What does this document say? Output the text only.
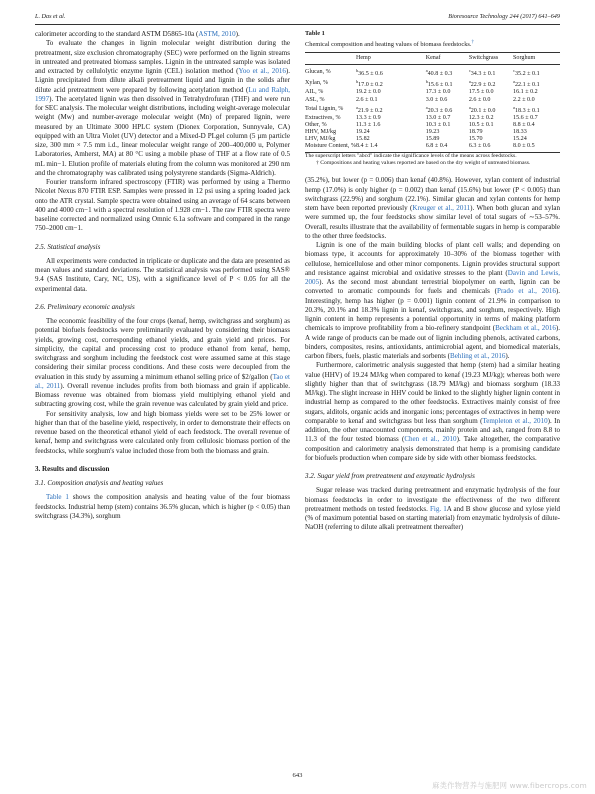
L. Das et al.	Bioresource Technology 244 (2017) 641–649

calorimeter according to the standard ASTM D5865-10a (ASTM, 2010).

To evaluate the changes in lignin molecular weight distribution during the pretreatment, size exclusion chromatography (SEC) were performed on the lignin streams in untreated and pretreated biomass samples. Lignin in the untreated sample was isolated and extracted by cellulolytic enzyme lignin (CEL) isolation method (Yoo et al., 2016). Lignin precipitated from dilute alkali pretreatment liquid and lignin in the solids after dilute acid pretreatment were prepared by following acetylation method (Lu and Ralph, 1997). The acetylated lignin was then dissolved in Tetrahydrofuran (THF) and were run for SEC analysis. The molecular weight distributions, including weight-average molecular weight (Mw) and number-average molecular weight (Mn) of prepared lignin, were measured by an Ultimate 3000 HPLC system (Dionex Corporation, Sunnyvale, CA) equipped with an Ultra Violet (UV) detector and a Mixed-D PLgel column (5 µm particle size, 300 mm × 7.5 mm i.d., linear molecular weight range of 200–400,000 u, Polymer Laboratories, Amherst, MA) at 80 °C using a mobile phase of THF at a flow rate of 0.5 mL min−1. Elution profile of materials eluting from the column was monitored at 290 nm and the chromatography was calibrated using polystyrene standards (Sigma-Aldrich).

Fourier transform infrared spectroscopy (FTIR) was performed by using a Thermo Nicolet Nexus 870 FTIR ESP. Samples were pressed in 12 psi using a spring loaded jack onto the ATR crystal. Sample spectra were obtained using an average of 64 scans between 400 and 4000 cm−1 with a spectral resolution of 1.928 cm−1. The raw FTIR spectra were baseline corrected and normalized using Omnic 6.1a software and compared in the range 750–2000 cm−1.

2.5. Statistical analysis

All experiments were conducted in triplicate or duplicate and the data are presented as mean values and standard deviations. The statistical analysis was performed using SAS® 9.4 (SAS Institute, Cary, NC, US), with a significance level of P < 0.05 for all the experimental data.

2.6. Preliminary economic analysis

The economic feasibility of the four crops (kenaf, hemp, switchgrass and sorghum) as potential biofuels feedstocks were preliminarily evaluated by considering their biomass yields, growing cost, corresponding ethanol yields, and grain yield and prices. For simplicity, the capital and processing cost to produce ethanol from kenaf, hemp, switchgrass and sorghum including the feedstock cost were assumed same at this stage considering their similar process conditions. And these costs were decoupled from the evaluation in this study by assuming a minimum ethanol selling price of $2/gallon (Tao et al., 2011). Overall revenue includes profits from both biomass and grain if applicable. Biomass revenue was obtained from biomass yield multiplying ethanol yield and subtracting growing cost, while the grain revenue was calculated by grain yield and price.

For sensitivity analysis, low and high biomass yields were set to be 25% lower or higher than that of the baseline yield, respectively, in order to demonstrate their effects on revenue based on the theoretical ethanol yield of each feedstock. The overall revenue of kenaf, hemp and switchgrass were calculated only from cellulosic biomass portion of the feedstocks, while sorghum's value included those from both the biomass and grain.

3. Results and discussion

3.1. Composition analysis and heating values

Table 1 shows the composition analysis and heating value of the four biomass feedstocks. Industrial hemp (stem) contains 36.5% glucan, which is higher (p < 0.05) than switchgrass (34.3%), sorghum

Table 1
Chemical composition and heating values of biomass feedstocks.†
	Hemp	Kenaf	Switchgrass	Sorghum
Glucan, %	$^b$36.5 ± 0.6	$^a$40.8 ± 0.3	$^c$34.3 ± 0.1	$^c$35.2 ± 0.1
Xylan, %	$^b$17.0 ± 0.2	$^b$15.6 ± 0.1	$^a$22.9 ± 0.2	$^a$22.1 ± 0.1
AIL, %	19.2 ± 0.0	17.3 ± 0.0	17.5 ± 0.0	16.1 ± 0.2
ASL, %	2.6 ± 0.1	3.0 ± 0.6	2.6 ± 0.0	2.2 ± 0.0
Total Lignin, %	$^a$21.9 ± 0.2	$^a$20.3 ± 0.6	$^a$20.1 ± 0.0	$^a$18.3 ± 0.1
Extractives, %	13.3 ± 0.9	13.0 ± 0.7	12.3 ± 0.2	15.6 ± 0.7
Other, %	11.3 ± 1.6	10.3 ± 0.1	10.5 ± 0.1	8.8 ± 0.4
HHV, MJ/kg	19.24	19.23	18.79	18.33
LHV, MJ/kg	15.82	15.89	15.70	15.24
Moisture Content, %	8.4 ± 1.4	6.8 ± 0.4	6.3 ± 0.6	8.0 ± 0.5

The superscript letters "abcd" indicate the significance levels of the means across feedstocks.

† Compositions and heating values reported are based on the dry weight of untreated biomass.

(35.2%), but lower (p = 0.006) than kenaf (40.8%). However, xylan content of industrial hemp (17.0%) is only higher (p = 0.002) than kenaf (15.6%) but lower (P < 0.005) than switchgrass (22.9%) and sorghum (22.1%). Similar glucan and xylan contents for hemp stem have been reported previously (Kreuger et al., 2011). When both glucan and xylan were summed up, the four feedstocks show similar level of total sugars of ∼53–57%. Overall, results illustrate that the availability of fermentable sugars in hemp is comparable to the other three feedstocks.

Lignin is one of the main building blocks of plant cell walls; and depending on biomass type, it accounts for approximately 10–30% of the biomass together with cellulose, hemicellulose and other minor components. Lignin provides structural support and resistance against microbial and oxidative stresses to the plant (Davin and Lewis, 2005). As the second most abundant terrestrial biopolymer on earth, lignin can be converted to aromatic compounds for fuels and chemicals (Prado et al., 2016). Interestingly, hemp has higher (p = 0.001) lignin content of 21.9% in comparison to 20.3%, 20.1% and 18.3% lignin in kenaf, switchgrass, and sorghum, respectively. High lignin content in hemp represents a potential opportunity in terms of making platform chemicals to improve profitability from a bio-refinery standpoint (Beckham et al., 2016). A wide range of products can be made out of lignin including phenols, activated carbons, binders, composites, resins, antioxidants, antimicrobial agent, and biomedical materials, carbon fibers, fuels, plastic materials and sorbents (Behling et al., 2016).

Furthermore, calorimetric analysis suggested that hemp (stem) had a similar heating value (HHV) of 19.24 MJ/kg when compared to kenaf (19.23 MJ/kg); whereas both were slightly higher than that of switchgrass (18.79 MJ/kg) and biomass sorghum (18.33 MJ/kg). The slight increase in HHV could be linked to the slightly higher lignin content in industrial hemp as compared to the other feedstocks. Extractives mainly consist of free sugars, alditols, organic acids and inorganic ions; percentages of extractives in hemp were comparable to kenaf and switchgrass but less than sorghum (Templeton et al., 2010). In addition, the other unaccounted components, mainly protein and ash, ranged from 8.8 to 11.3 of the four tested biomass (Chen et al., 2010). Take altogether, the comparative composition and calorimetry analysis demonstrated that hemp is a promising candidate for biofuels production when compare side by side with other biomass feedstocks.

3.2. Sugar yield from pretreatment and enzymatic hydrolysis

Sugar release was tracked during pretreatment and enzymatic hydrolysis of the four biomass feedstocks in order to investigate the effectiveness of the two different pretreatment methods on tested feedstocks. Fig. 1A and B show glucose and xylose yield (% of maximum potential based on starting material) from enzymatic hydrolysis of dilute-NaOH (referring to dilute alkali pretreatment thereafter)

643
麻类作物营养与施肥网 www.fibercrops.com
